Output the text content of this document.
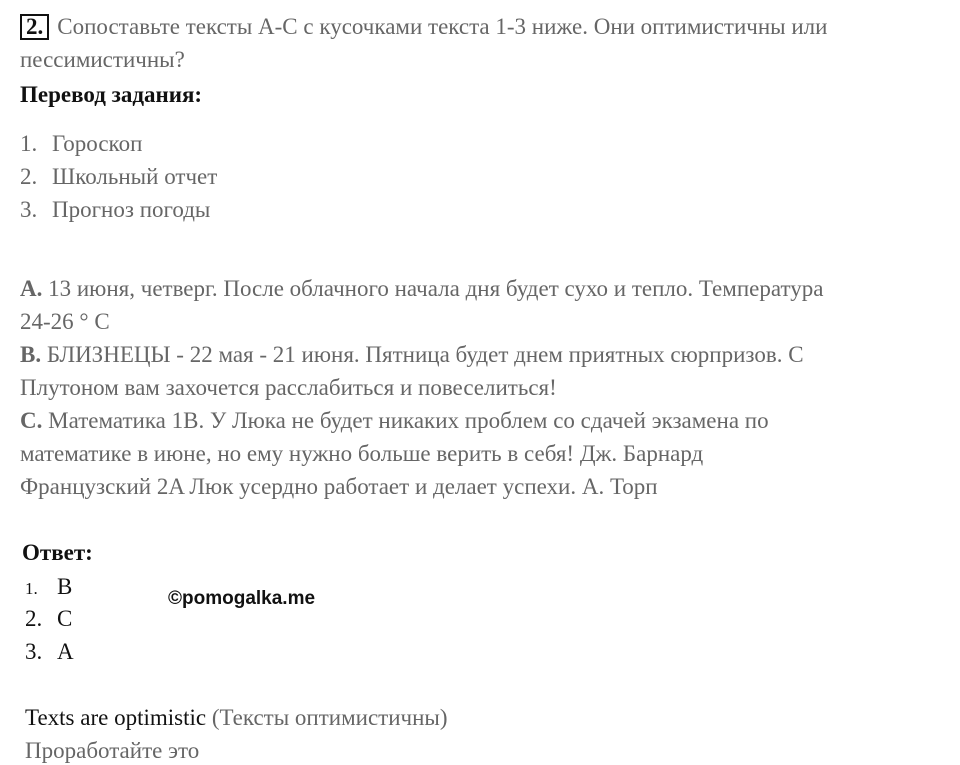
2. Сопоставьте тексты A-C с кусочками текста 1-3 ниже. Они оптимистичны или
пессимистичны?
Перевод задания:
1. Гороскоп
2. Школьный отчет
3. Прогноз погоды
A. 13 июня, четверг. После облачного начала дня будет сухо и тепло. Температура
24-26 ° C
B. БЛИЗНЕЦЫ - 22 мая - 21 июня. Пятница будет днем приятных сюрпризов. С
Плутоном вам захочется расслабиться и повеселиться!
C. Математика 1B. У Люка не будет никаких проблем со сдачей экзамена по
математике в июне, но ему нужно больше верить в себя! Дж. Барнард
Французский 2A Люк усердно работает и делает успехи. А. Торп
Ответ:
1. B
2. C
3. A
©pomogalka.me
Texts are optimistic (Тексты оптимистичны)
Проработайте это
